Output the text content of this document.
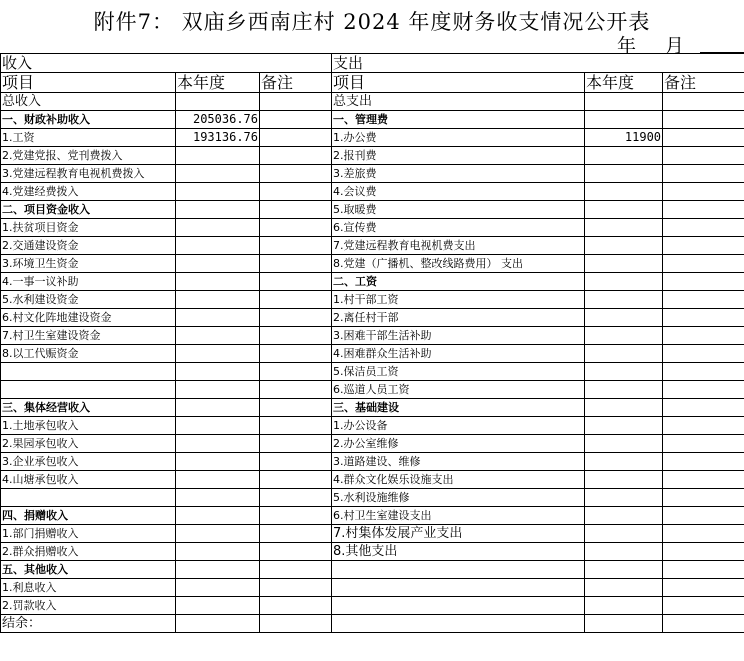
附件7： 双庙乡西南庄村 2024 年度财务收支情况公开表
年 月
收入			支出		
项目	本年度	备注	项目	本年度	备注
总收入			总支出		
一、财政补助收入	205036.76		一、管理费		
1.工资	193136.76		1.办公费	11900	
2.党建党报、党刊费拨入			2.报刊费		
3.党建远程教育电视机费拨入			3.差旅费		
4.党建经费拨入			4.会议费		
二、项目资金收入			5.取暖费		
1.扶贫项目资金			6.宣传费		
2.交通建设资金			7.党建远程教育电视机费支出		
3.环境卫生资金			8.党建（广播机、整改线路费用） 支出		
4.一事一议补助			二、工资		
5.水利建设资金			1.村干部工资		
6.村文化阵地建设资金			2.离任村干部		
7.村卫生室建设资金			3.困难干部生活补助		
8.以工代赈资金			4.困难群众生活补助		
			5.保洁员工资		
			6.巡道人员工资		
三、集体经营收入			三、基础建设		
1.土地承包收入			1.办公设备		
2.果园承包收入			2.办公室维修		
3.企业承包收入			3.道路建设、维修		
4.山塘承包收入			4.群众文化娱乐设施支出		
			5.水利设施维修		
四、捐赠收入			6.村卫生室建设支出		
1.部门捐赠收入			7.村集体发展产业支出		
2.群众捐赠收入			8.其他支出		
五、其他收入					
1.利息收入					
2.罚款收入					
结余：					
